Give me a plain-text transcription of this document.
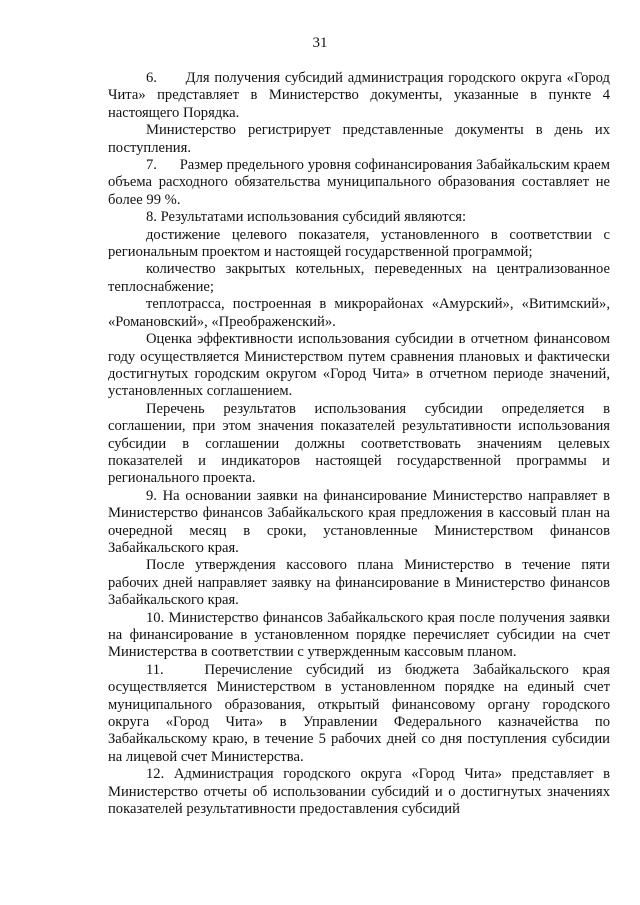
31

6.      Для получения субсидий администрация городского округа «Город Чита» представляет в Министерство документы, указанные в пункте 4 настоящего Порядка.

Министерство регистрирует представленные документы в день их поступления.

7.      Размер предельного уровня софинансирования Забайкальским краем объема расходного обязательства муниципального образования составляет не более 99 %.

8. Результатами использования субсидий являются:

достижение целевого показателя, установленного в соответствии с региональным проектом и настоящей государственной программой;

количество закрытых котельных, переведенных на централизованное теплоснабжение;

теплотрасса, построенная в микрорайонах «Амурский», «Витимский», «Романовский», «Преображенский».

Оценка эффективности использования субсидии в отчетном финансовом году осуществляется Министерством путем сравнения плановых и фактически достигнутых городским округом «Город Чита» в отчетном периоде значений, установленных соглашением.

Перечень результатов использования субсидии определяется в соглашении, при этом значения показателей результативности использования субсидии в соглашении должны соответствовать значениям целевых показателей и индикаторов настоящей государственной программы и регионального проекта.

9. На основании заявки на финансирование Министерство направляет в Министерство финансов Забайкальского края предложения в кассовый план на очередной месяц в сроки, установленные Министерством финансов Забайкальского края.

После утверждения кассового плана Министерство в течение пяти рабочих дней направляет заявку на финансирование в Министерство финансов Забайкальского края.

10. Министерство финансов Забайкальского края после получения заявки на финансирование в установленном порядке перечисляет субсидии на счет Министерства в соответствии с утвержденным кассовым планом.

11.   Перечисление субсидий из бюджета Забайкальского края осуществляется Министерством в установленном порядке на единый счет муниципального образования, открытый финансовому органу городского округа «Город Чита» в Управлении Федерального казначейства по Забайкальскому краю, в течение 5 рабочих дней со дня поступления субсидии на лицевой счет Министерства.

12. Администрация городского округа «Город Чита» представляет в Министерство отчеты об использовании субсидий и о достигнутых значениях показателей результативности предоставления субсидий
